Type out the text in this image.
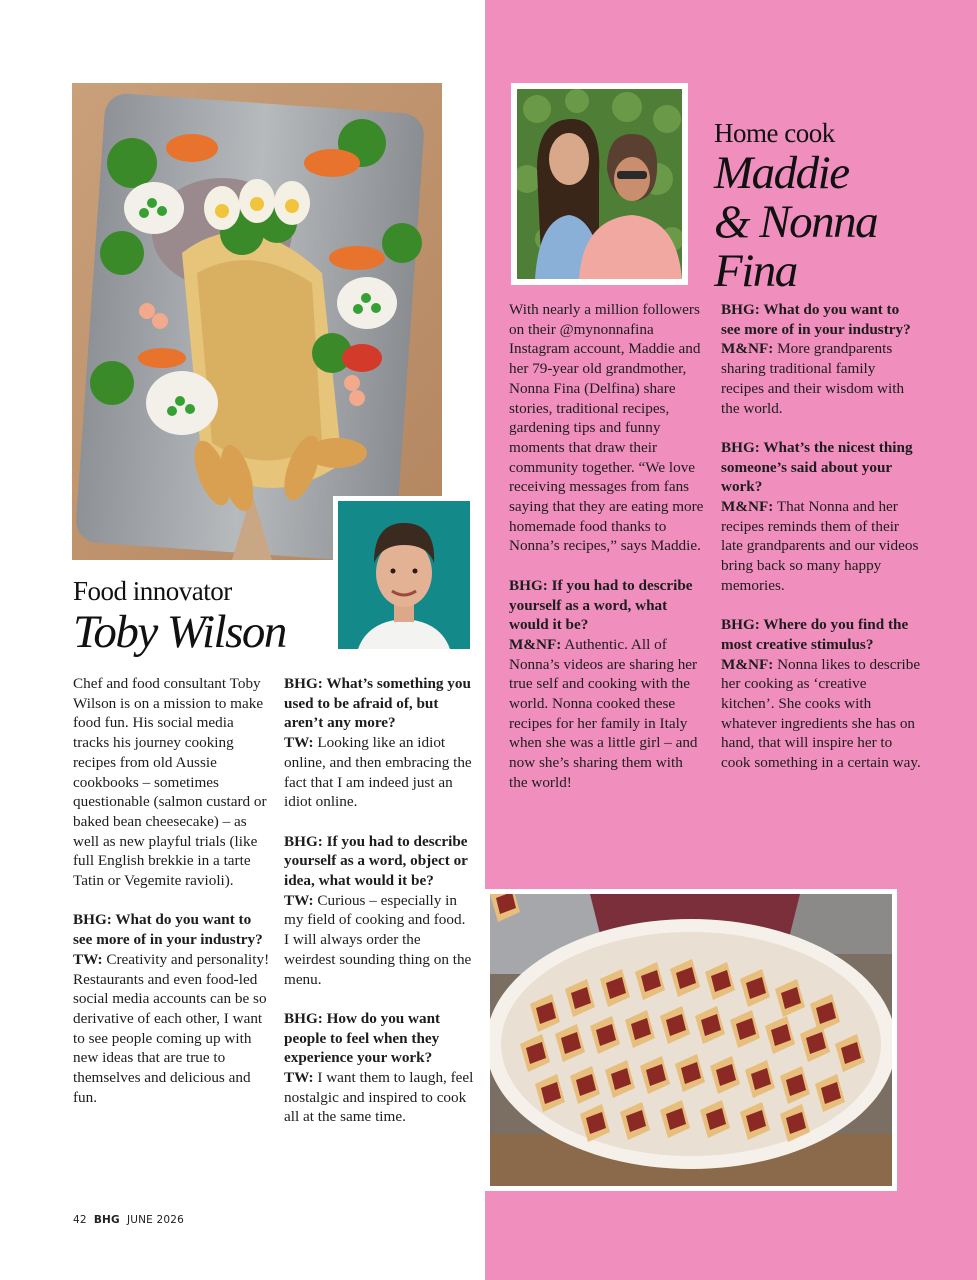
Food innovator
Toby Wilson
Home cook
Maddie
& Nonna
Fina

Chef and food consultant Toby Wilson is on a mission to make food fun. His social media tracks his journey cooking recipes from old Aussie cookbooks – sometimes questionable (salmon custard or baked bean cheesecake) – as well as new playful trials (like full English brekkie in a tarte Tatin or Vegemite ravioli).

BHG: What do you want to see more of in your industry?

TW: Creativity and personality! Restaurants and even food-led social media accounts can be so derivative of each other, I want to see people coming up with new ideas that are true to themselves and delicious and fun.

BHG: What’s something you used to be afraid of, but aren’t any more?

TW: Looking like an idiot online, and then embracing the fact that I am indeed just an idiot online.

BHG: If you had to describe yourself as a word, object or idea, what would it be?

TW: Curious – especially in my field of cooking and food. I will always order the weirdest sounding thing on the menu.

BHG: How do you want people to feel when they experience your work?

TW: I want them to laugh, feel nostalgic and inspired to cook all at the same time.

With nearly a million followers on their @mynonnafina Instagram account, Maddie and her 79-year old grandmother, Nonna Fina (Delfina) share stories, traditional recipes, gardening tips and funny moments that draw their community together. “We love receiving messages from fans saying that they are eating more homemade food thanks to Nonna’s recipes,” says Maddie.

BHG: If you had to describe yourself as a word, what would it be?

M&NF: Authentic. All of Nonna’s videos are sharing her true self and cooking with the world. Nonna cooked these recipes for her family in Italy when she was a little girl – and now she’s sharing them with the world!

BHG: What do you want to see more of in your industry?

M&NF: More grandparents sharing traditional family recipes and their wisdom with the world.

BHG: What’s the nicest thing someone’s said about your work?

M&NF: That Nonna and her recipes reminds them of their late grandparents and our videos bring back so many happy memories.

BHG: Where do you find the most creative stimulus?

M&NF: Nonna likes to describe her cooking as ‘creative kitchen’. She cooks with whatever ingredients she has on hand, that will inspire her to cook something in a certain way.

42 BHG JUNE 2026
